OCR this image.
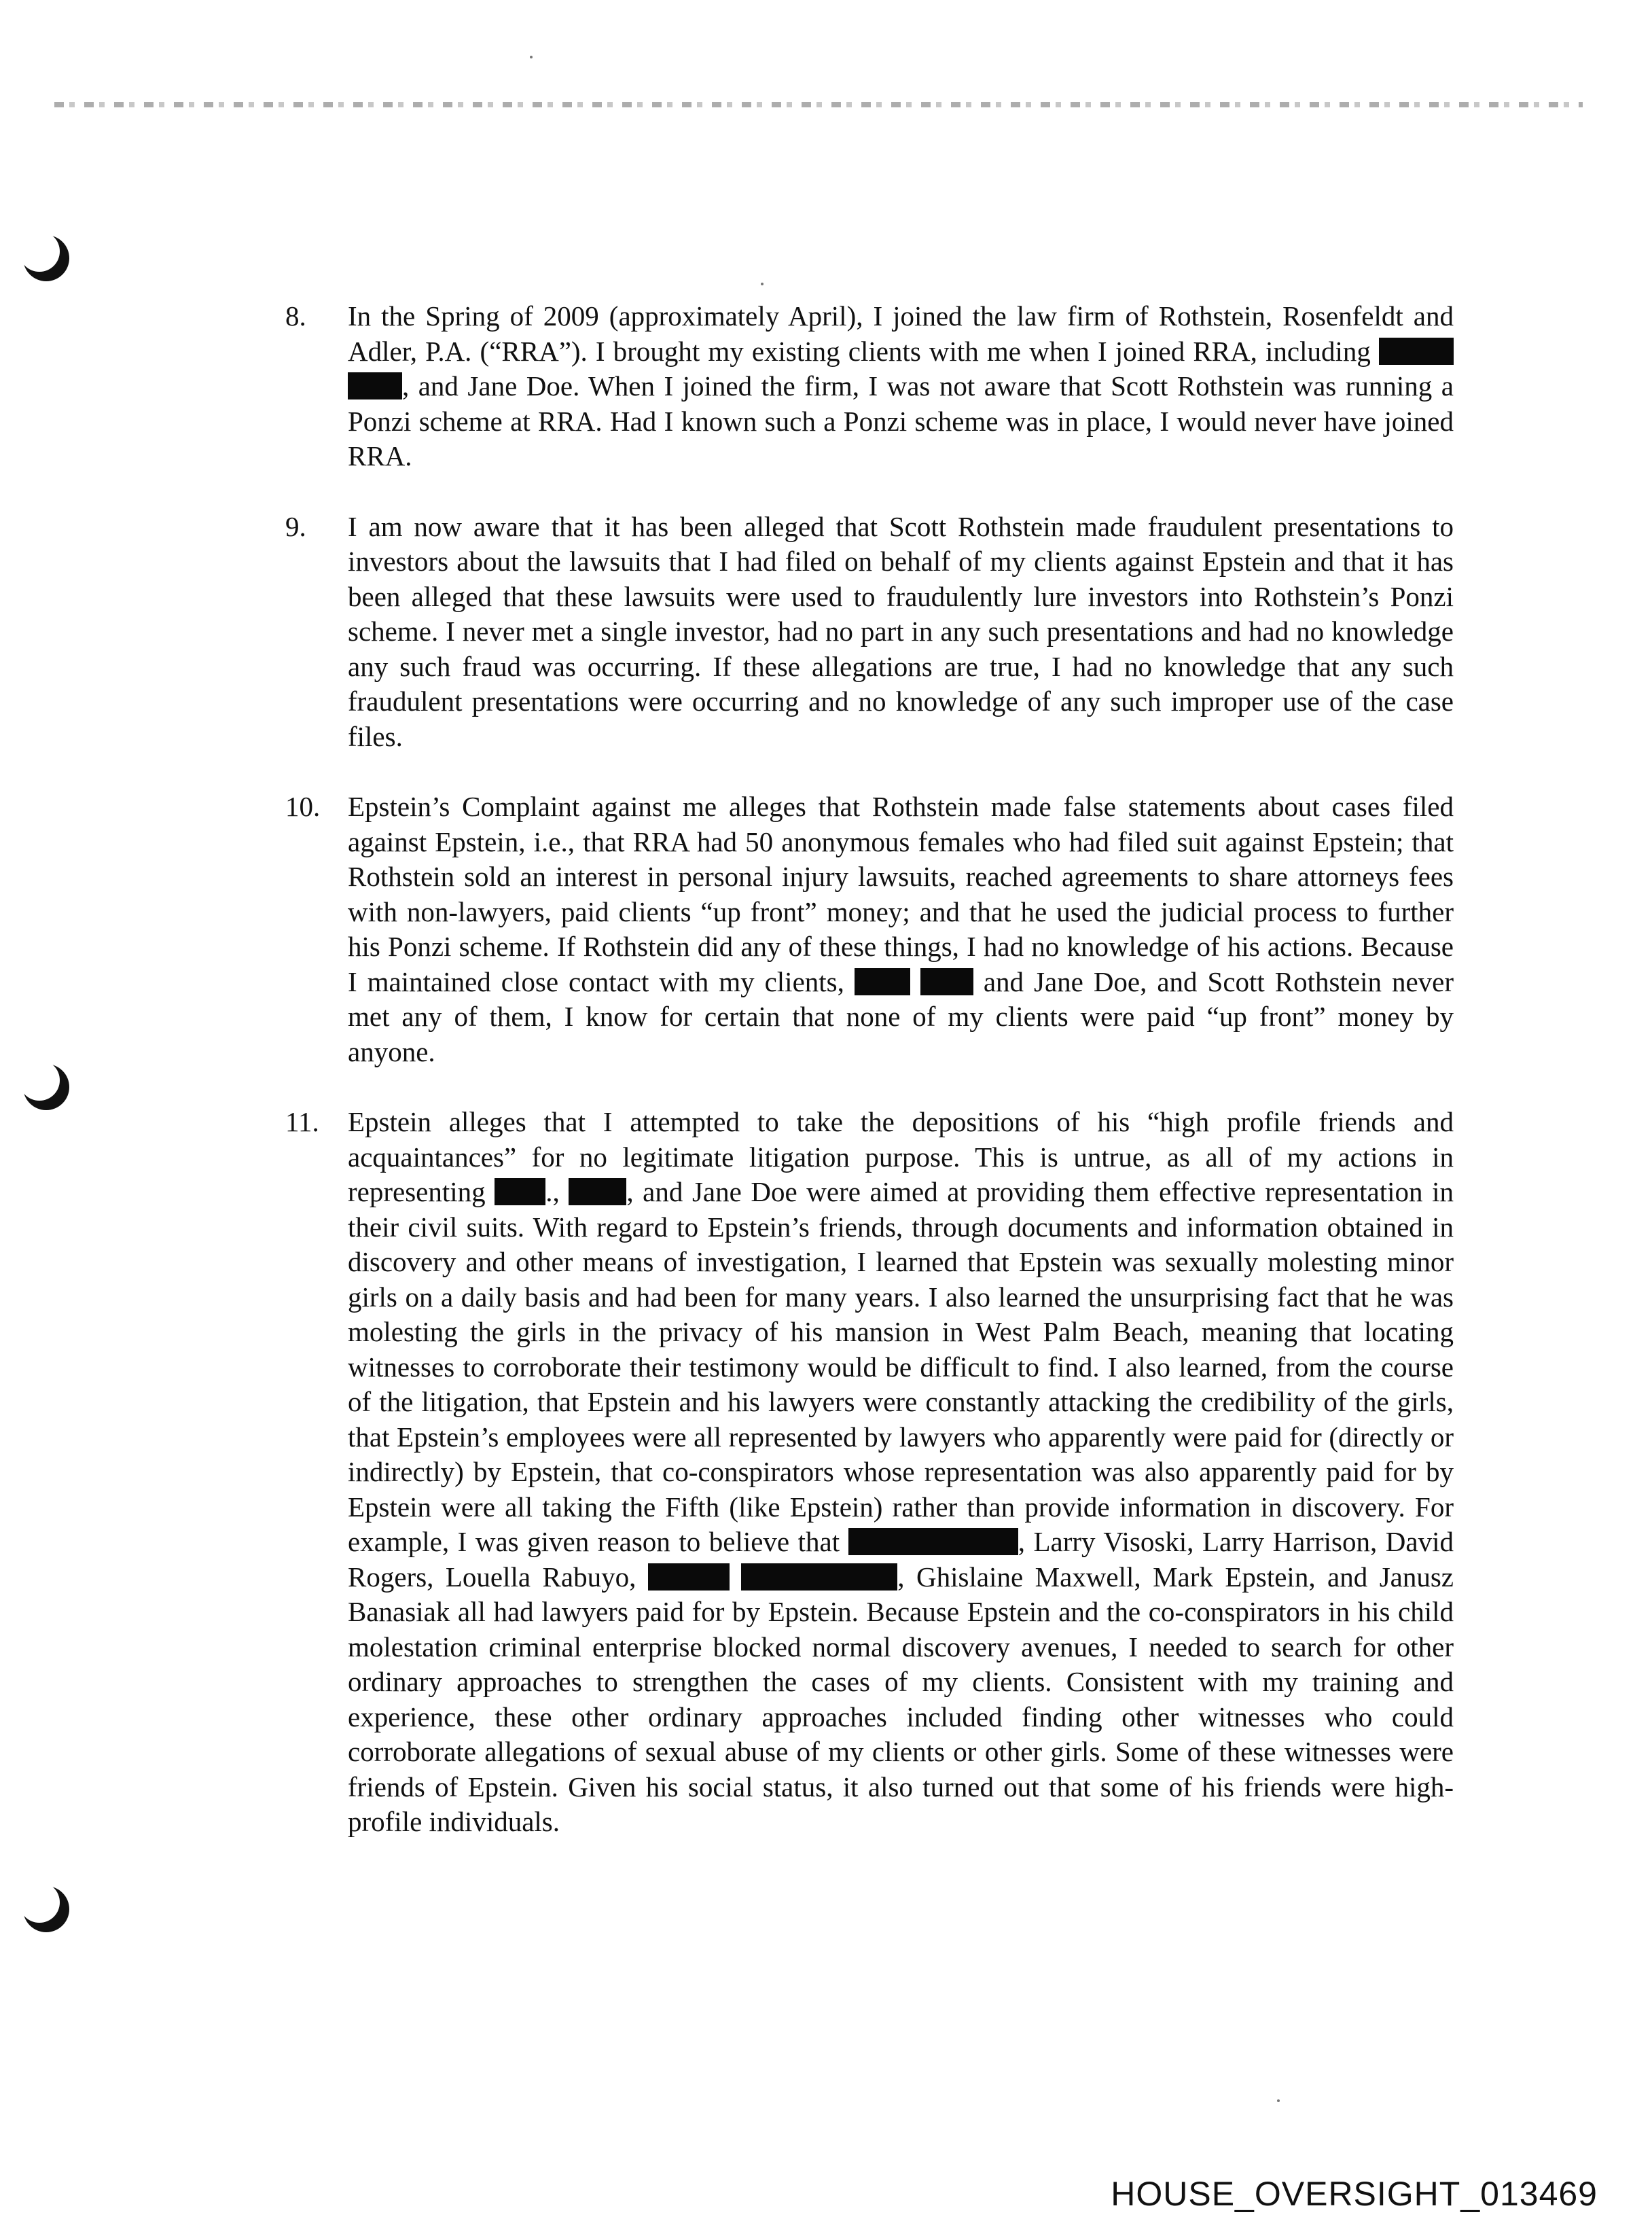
8. In the Spring of 2009 (approximately April), I joined the law firm of Rothstein, Rosenfeldt and Adler, P.A. (“RRA”). I brought my existing clients with me when I joined RRA, including  , and Jane Doe. When I joined the firm, I was not aware that Scott Rothstein was running a Ponzi scheme at RRA. Had I known such a Ponzi scheme was in place, I would never have joined RRA.

9. I am now aware that it has been alleged that Scott Rothstein made fraudulent presentations to investors about the lawsuits that I had filed on behalf of my clients against Epstein and that it has been alleged that these lawsuits were used to fraudulently lure investors into Rothstein’s Ponzi scheme. I never met a single investor, had no part in any such presentations and had no knowledge any such fraud was occurring. If these allegations are true, I had no knowledge that any such fraudulent presentations were occurring and no knowledge of any such improper use of the case files.

10. Epstein’s Complaint against me alleges that Rothstein made false statements about cases filed against Epstein, i.e., that RRA had 50 anonymous females who had filed suit against Epstein; that Rothstein sold an interest in personal injury lawsuits, reached agreements to share attorneys fees with non-lawyers, paid clients “up front” money; and that he used the judicial process to further his Ponzi scheme. If Rothstein did any of these things, I had no knowledge of his actions. Because I maintained close contact with my clients,	and Jane Doe, and Scott Rothstein never met any of them, I know for certain that none of my clients were paid “up front” money by anyone.

11. Epstein alleges that I attempted to take the depositions of his “high profile friends and acquaintances” for no legitimate litigation purpose. This is untrue, as all of my actions in representing ., , and Jane Doe were aimed at providing them effective representation in their civil suits. With regard to Epstein’s friends, through documents and information obtained in discovery and other means of investigation, I learned that Epstein was sexually molesting minor girls on a daily basis and had been for many years. I also learned the unsurprising fact that he was molesting the girls in the privacy of his mansion in West Palm Beach, meaning that locating witnesses to corroborate their testimony would be difficult to find. I also learned, from the course of the litigation, that Epstein and his lawyers were constantly attacking the credibility of the girls, that Epstein’s employees were all represented by lawyers who apparently were paid for (directly or indirectly) by Epstein, that co-conspirators whose representation was also apparently paid for by Epstein were all taking the Fifth (like Epstein) rather than provide information in discovery. For example, I was given reason to believe that	, Larry Visoski, Larry Harrison, David Rogers, Louella Rabuyo,	, Ghislaine Maxwell, Mark Epstein, and Janusz Banasiak all had lawyers paid for by Epstein. Because Epstein and the co-conspirators in his child molestation criminal enterprise blocked normal discovery avenues, I needed to search for other ordinary approaches to strengthen the cases of my clients. Consistent with my training and experience, these other ordinary approaches included finding other witnesses who could corroborate allegations of sexual abuse of my clients or other girls. Some of these witnesses were friends of Epstein. Given his social status, it also turned out that some of his friends were high-profile individuals.

HOUSE_OVERSIGHT_013469
